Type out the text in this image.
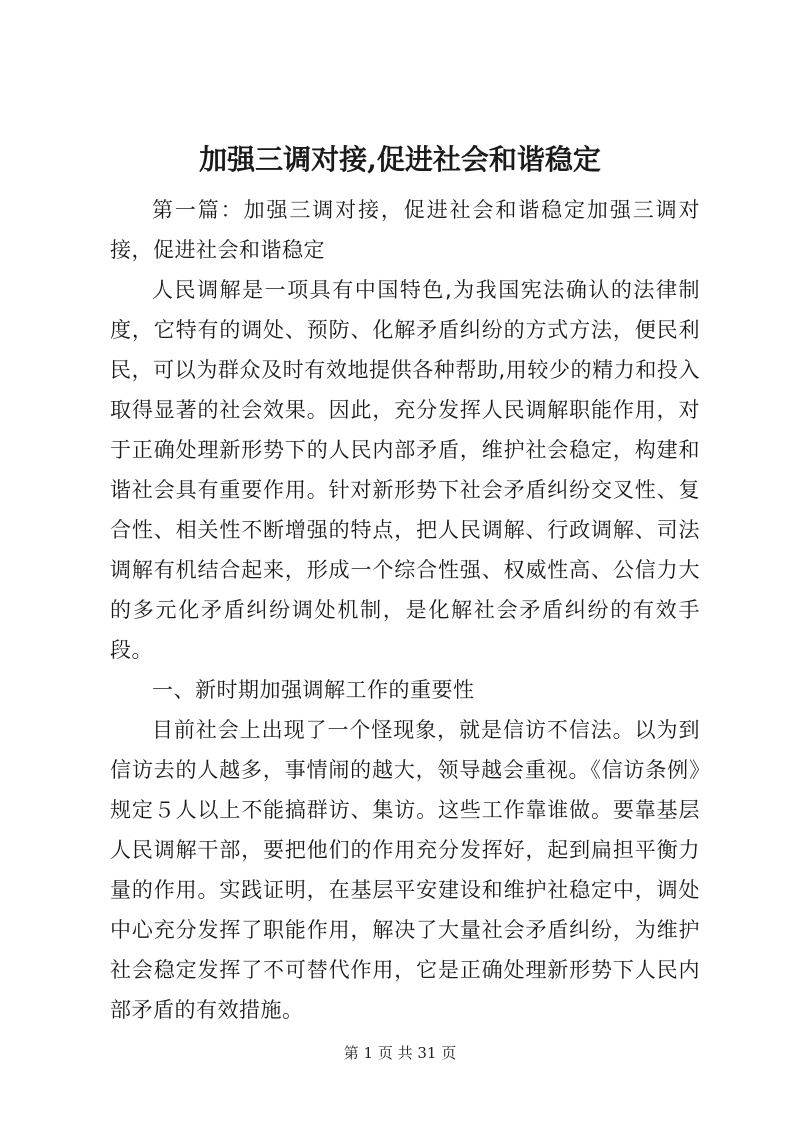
加强三调对接,促进社会和谐稳定

第一篇：加强三调对接，促进社会和谐稳定加强三调对接，促进社会和谐稳定

人民调解是一项具有中国特色,为我国宪法确认的法律制度，它特有的调处、预防、化解矛盾纠纷的方式方法，便民利民，可以为群众及时有效地提供各种帮助,用较少的精力和投入取得显著的社会效果。因此，充分发挥人民调解职能作用，对于正确处理新形势下的人民内部矛盾，维护社会稳定，构建和谐社会具有重要作用。针对新形势下社会矛盾纠纷交叉性、复合性、相关性不断增强的特点，把人民调解、行政调解、司法调解有机结合起来，形成一个综合性强、权威性高、公信力大的多元化矛盾纠纷调处机制，是化解社会矛盾纠纷的有效手段。

一、新时期加强调解工作的重要性

目前社会上出现了一个怪现象，就是信访不信法。以为到信访去的人越多，事情闹的越大，领导越会重视。《信访条例》规定５人以上不能搞群访、集访。这些工作靠谁做。要靠基层人民调解干部，要把他们的作用充分发挥好，起到扁担平衡力量的作用。实践证明，在基层平安建设和维护社稳定中，调处中心充分发挥了职能作用，解决了大量社会矛盾纠纷，为维护社会稳定发挥了不可替代作用，它是正确处理新形势下人民内部矛盾的有效措施。

第 1 页 共 31 页
